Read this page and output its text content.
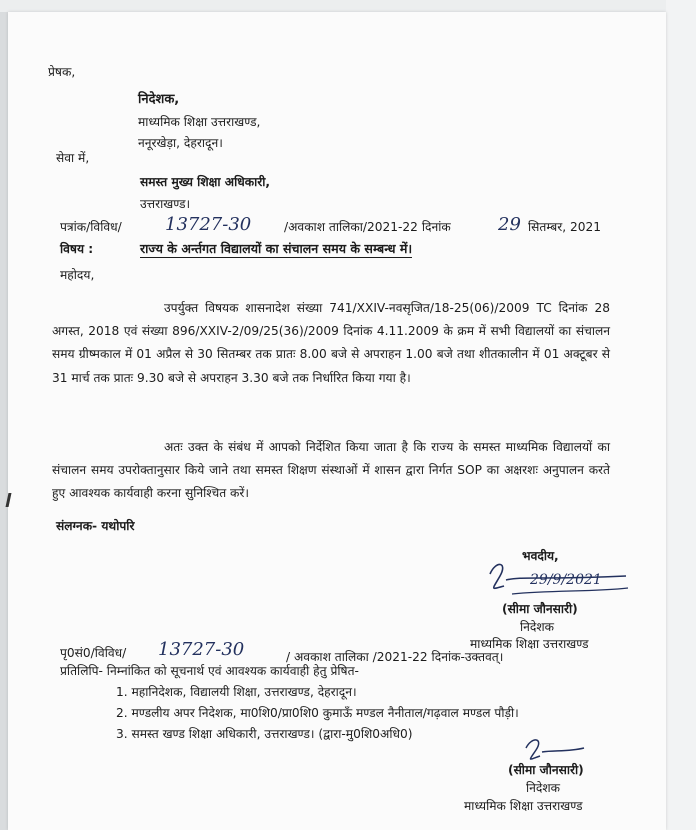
प्रेषक,
निदेशक,
माध्यमिक शिक्षा उत्तराखण्ड,
ननूरखेड़ा, देहरादून।
सेवा में,
समस्त मुख्य शिक्षा अधिकारी,
उत्तराखण्ड।
पत्रांक/विविध/ 13727-30	/अवकाश तालिका/2021-22 दिनांक	29 सितम्बर, 2021
विषय :	राज्य के अर्न्तगत विद्यालयों का संचालन समय के सम्बन्ध में।
महोदय,
उपर्युक्त विषयक शासनादेश संख्या 741/XXIV-नवसृजित/18-25(06)/2009 TC दिनांक 28 अगस्त, 2018 एवं संख्या 896/XXIV-2/09/25(36)/2009 दिनांक 4.11.2009 के क्रम में सभी विद्यालयों का संचालन समय ग्रीष्मकाल में 01 अप्रैल से 30 सितम्बर तक प्रातः 8.00 बजे से अपराहन 1.00 बजे तथा शीतकालीन में 01 अक्टूबर से 31 मार्च तक प्रातः 9.30 बजे से अपराहन 3.30 बजे तक निर्धारित किया गया है।
अतः उक्त के संबंध में आपको निर्देशित किया जाता है कि राज्य के समस्त माध्यमिक विद्यालयों का संचालन समय उपरोक्तानुसार किये जाने तथा समस्त शिक्षण संस्थाओं में शासन द्वारा निर्गत SOP का अक्षरशः अनुपालन करते हुए आवश्यक कार्यवाही करना सुनिश्चित करें।
संलग्नक- यथोपरि
भवदीय,
29/9/2021
(सीमा जौनसारी)
निदेशक
माध्यमिक शिक्षा उत्तराखण्ड
पृ0सं0/विविध/ 13727-30	/ अवकाश तालिका /2021-22 दिनांक-उक्तवत्।
प्रतिलिपि- निम्नांकित को सूचनार्थ एवं आवश्यक कार्यवाही हेतु प्रेषित-
1. महानिदेशक, विद्यालयी शिक्षा, उत्तराखण्ड, देहरादून।
2. मण्डलीय अपर निदेशक, मा0शि0/प्रा0शि0 कुमाऊँ मण्डल नैनीताल/गढ़वाल मण्डल पौड़ी।
3. समस्त खण्ड शिक्षा अधिकारी, उत्तराखण्ड। (द्वारा-मु0शि0अधि0)
(सीमा जौनसारी)
निदेशक
माध्यमिक शिक्षा उत्तराखण्ड
